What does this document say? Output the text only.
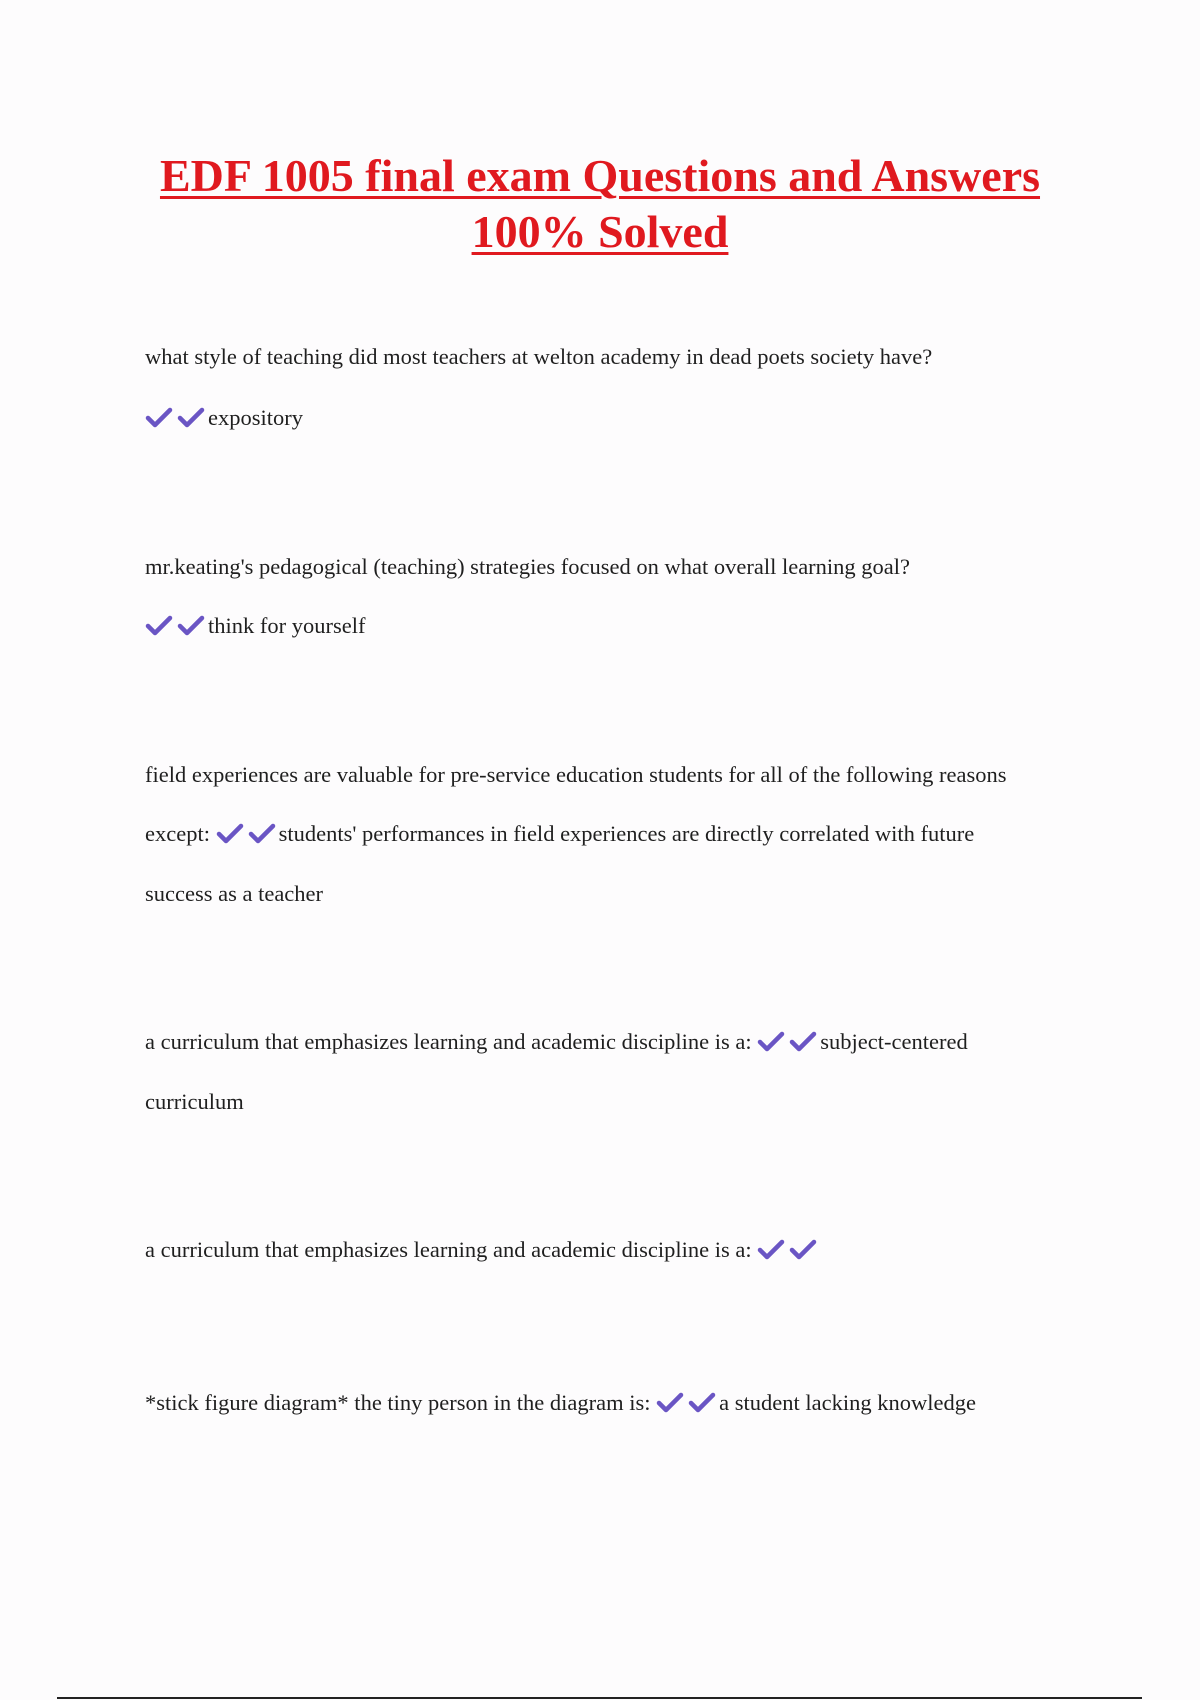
EDF 1005 final exam Questions and Answers
100% Solved
what style of teaching did most teachers at welton academy in dead poets society have?
expository
mr.keating's pedagogical (teaching) strategies focused on what overall learning goal?
think for yourself
field experiences are valuable for pre-service education students for all of the following reasons
except:	students' performances in field experiences are directly correlated with future
success as a teacher
a curriculum that emphasizes learning and academic discipline is a:	subject-centered
curriculum
a curriculum that emphasizes learning and academic discipline is a:
*stick figure diagram* the tiny person in the diagram is:	a student lacking knowledge
